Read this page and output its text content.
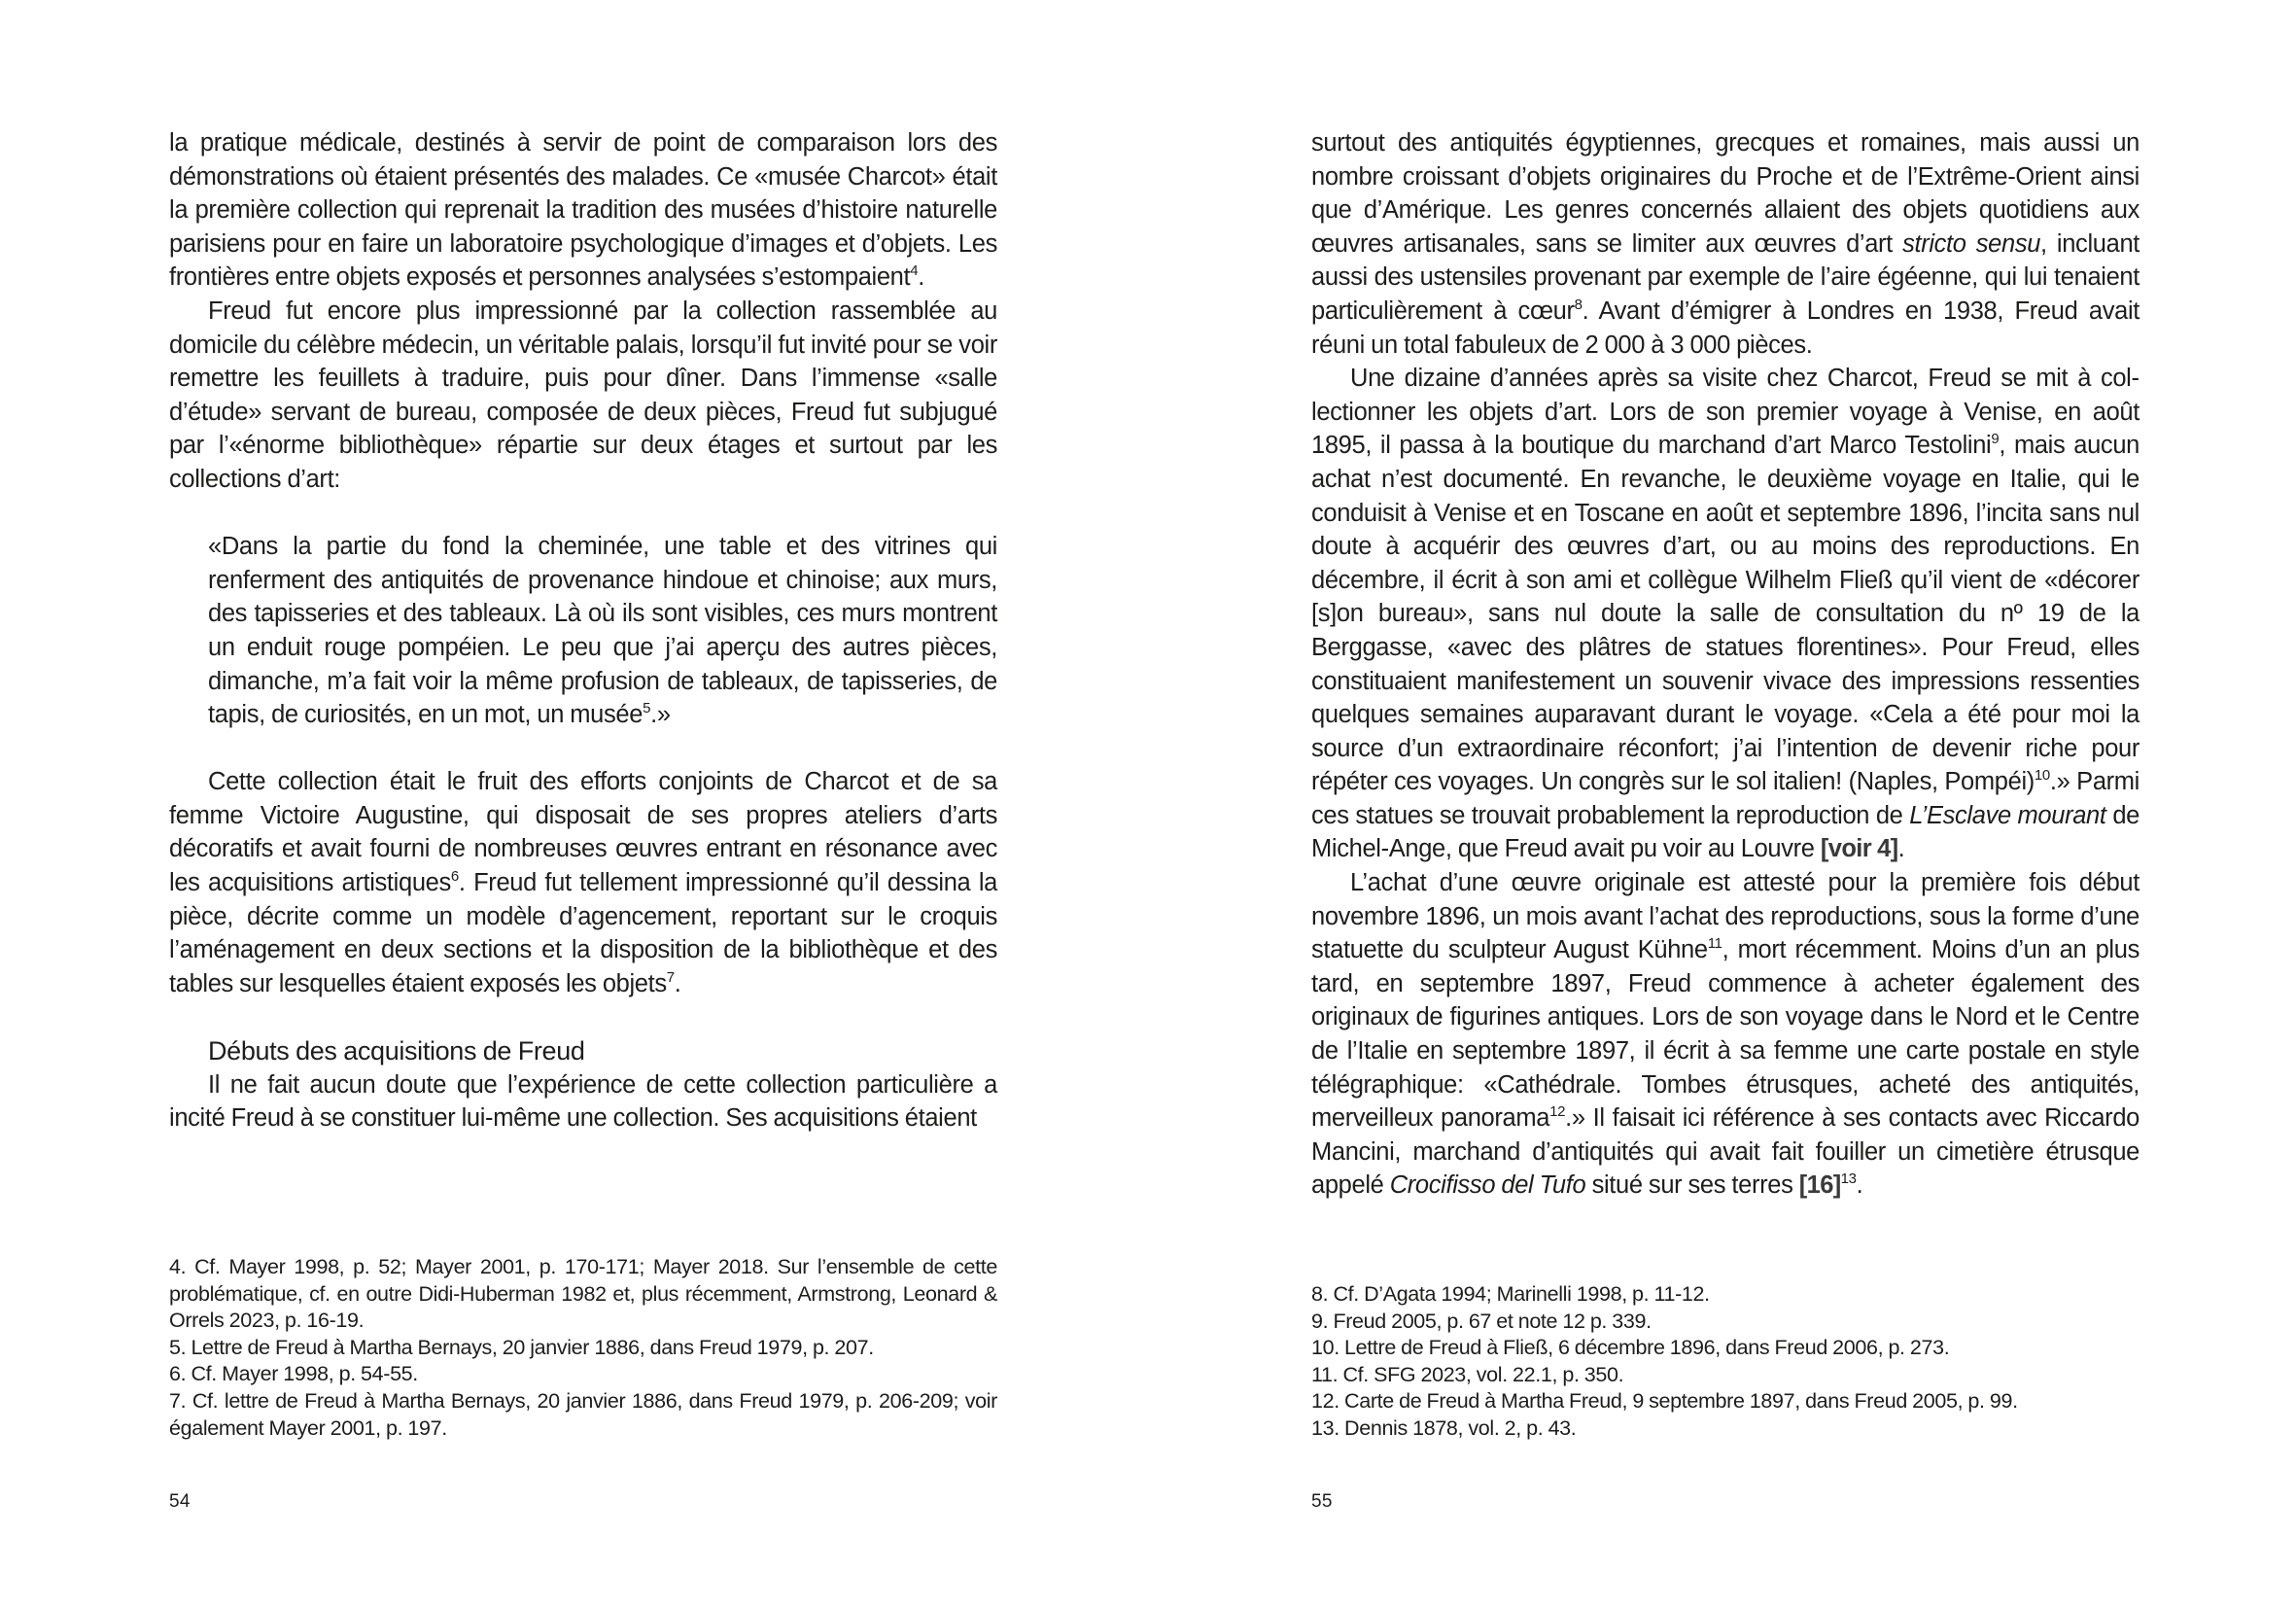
la pratique médicale, destinés à servir de point de comparaison lors des démonstrations où étaient présentés des malades. Ce «musée Charcot» était la première collection qui reprenait la tradition des musées d’histoire naturelle parisiens pour en faire un laboratoire psychologique d’images et d’objets. Les frontières entre objets exposés et personnes analysées s’estompaient$^4$.

Freud fut encore plus impressionné par la collection rassemblée au domicile du célèbre médecin, un véritable palais, lorsqu’il fut invité pour se voir remettre les feuillets à traduire, puis pour dîner. Dans l’immense «salle d’étude» servant de bureau, composée de deux pièces, Freud fut subjugué par l’«énorme bibliothèque» répartie sur deux étages et surtout par les collections d’art:

«Dans la partie du fond la cheminée, une table et des vitrines qui renferment des antiquités de provenance hindoue et chinoise; aux murs, des tapisseries et des tableaux. Là où ils sont visibles, ces murs montrent un enduit rouge pompéien. Le peu que j’ai aperçu des autres pièces, dimanche, m’a fait voir la même profusion de tableaux, de tapisseries, de tapis, de curiosités, en un mot, un musée$^5$.»

Cette collection était le fruit des efforts conjoints de Charcot et de sa femme Victoire Augustine, qui disposait de ses propres ateliers d’arts décoratifs et avait fourni de nombreuses œuvres entrant en résonance avec les acquisitions artistiques$^6$. Freud fut tellement impressionné qu’il dessina la pièce, décrite comme un modèle d’agencement, reportant sur le croquis l’aménagement en deux sections et la disposition de la bibliothèque et des tables sur lesquelles étaient exposés les objets$^7$.

Débuts des acquisitions de Freud

Il ne fait aucun doute que l’expérience de cette collection particulière a incité Freud à se constituer lui-même une collection. Ses acquisitions étaient

4. Cf. Mayer 1998, p. 52; Mayer 2001, p. 170-171; Mayer 2018. Sur l’ensemble de cette problématique, cf. en outre Didi-Huberman 1982 et, plus récemment, Armstrong, Leonard & Orrels 2023, p. 16-19.

5. Lettre de Freud à Martha Bernays, 20 janvier 1886, dans Freud 1979, p. 207.

6. Cf. Mayer 1998, p. 54-55.

7. Cf. lettre de Freud à Martha Bernays, 20 janvier 1886, dans Freud 1979, p. 206-209; voir également Mayer 2001, p. 197.

54

surtout des antiquités égyptiennes, grecques et romaines, mais aussi un nombre croissant d’objets originaires du Proche et de l’Extrême-Orient ainsi que d’Amérique. Les genres concernés allaient des objets quotidiens aux œuvres artisanales, sans se limiter aux œuvres d’art stricto sensu, incluant aussi des ustensiles provenant par exemple de l’aire égéenne, qui lui tenaient particulièrement à cœur$^8$. Avant d’émigrer à Londres en 1938, Freud avait réuni un total fabuleux de 2 000 à 3 000 pièces.

Une dizaine d’années après sa visite chez Charcot, Freud se mit à collectionner les objets d’art. Lors de son premier voyage à Venise, en août 1895, il passa à la boutique du marchand d’art Marco Testolini$^9$, mais aucun achat n’est documenté. En revanche, le deuxième voyage en Italie, qui le conduisit à Venise et en Toscane en août et septembre 1896, l’incita sans nul doute à acquérir des œuvres d’art, ou au moins des reproductions. En décembre, il écrit à son ami et collègue Wilhelm Fließ qu’il vient de «décorer [s]on bureau», sans nul doute la salle de consultation du nº 19 de la Berggasse, «avec des plâtres de statues florentines». Pour Freud, elles constituaient manifestement un souvenir vivace des impressions ressenties quelques semaines auparavant durant le voyage. «Cela a été pour moi la source d’un extraordinaire réconfort; j’ai l’intention de devenir riche pour répéter ces voyages. Un congrès sur le sol italien! (Naples, Pompéi)$^{10}$.» Parmi ces statues se trouvait probablement la reproduction de L’Esclave mourant de Michel-Ange, que Freud avait pu voir au Louvre [voir 4].

L’achat d’une œuvre originale est attesté pour la première fois début novembre 1896, un mois avant l’achat des reproductions, sous la forme d’une statuette du sculpteur August Kühne$^{11}$, mort récemment. Moins d’un an plus tard, en septembre 1897, Freud commence à acheter également des originaux de figurines antiques. Lors de son voyage dans le Nord et le Centre de l’Italie en septembre 1897, il écrit à sa femme une carte postale en style télégraphique: «Cathédrale. Tombes étrusques, acheté des antiquités, merveilleux panorama$^{12}$.» Il faisait ici référence à ses contacts avec Riccardo Mancini, marchand d’antiquités qui avait fait fouiller un cimetière étrusque appelé Crocifisso del Tufo situé sur ses terres $[16]^{13}$.

8. Cf. D’Agata 1994; Marinelli 1998, p. 11-12.

9. Freud 2005, p. 67 et note 12 p. 339.

10. Lettre de Freud à Fließ, 6 décembre 1896, dans Freud 2006, p. 273.

11. Cf. SFG 2023, vol. 22.1, p. 350.

12. Carte de Freud à Martha Freud, 9 septembre 1897, dans Freud 2005, p. 99.

13. Dennis 1878, vol. 2, p. 43.

55
